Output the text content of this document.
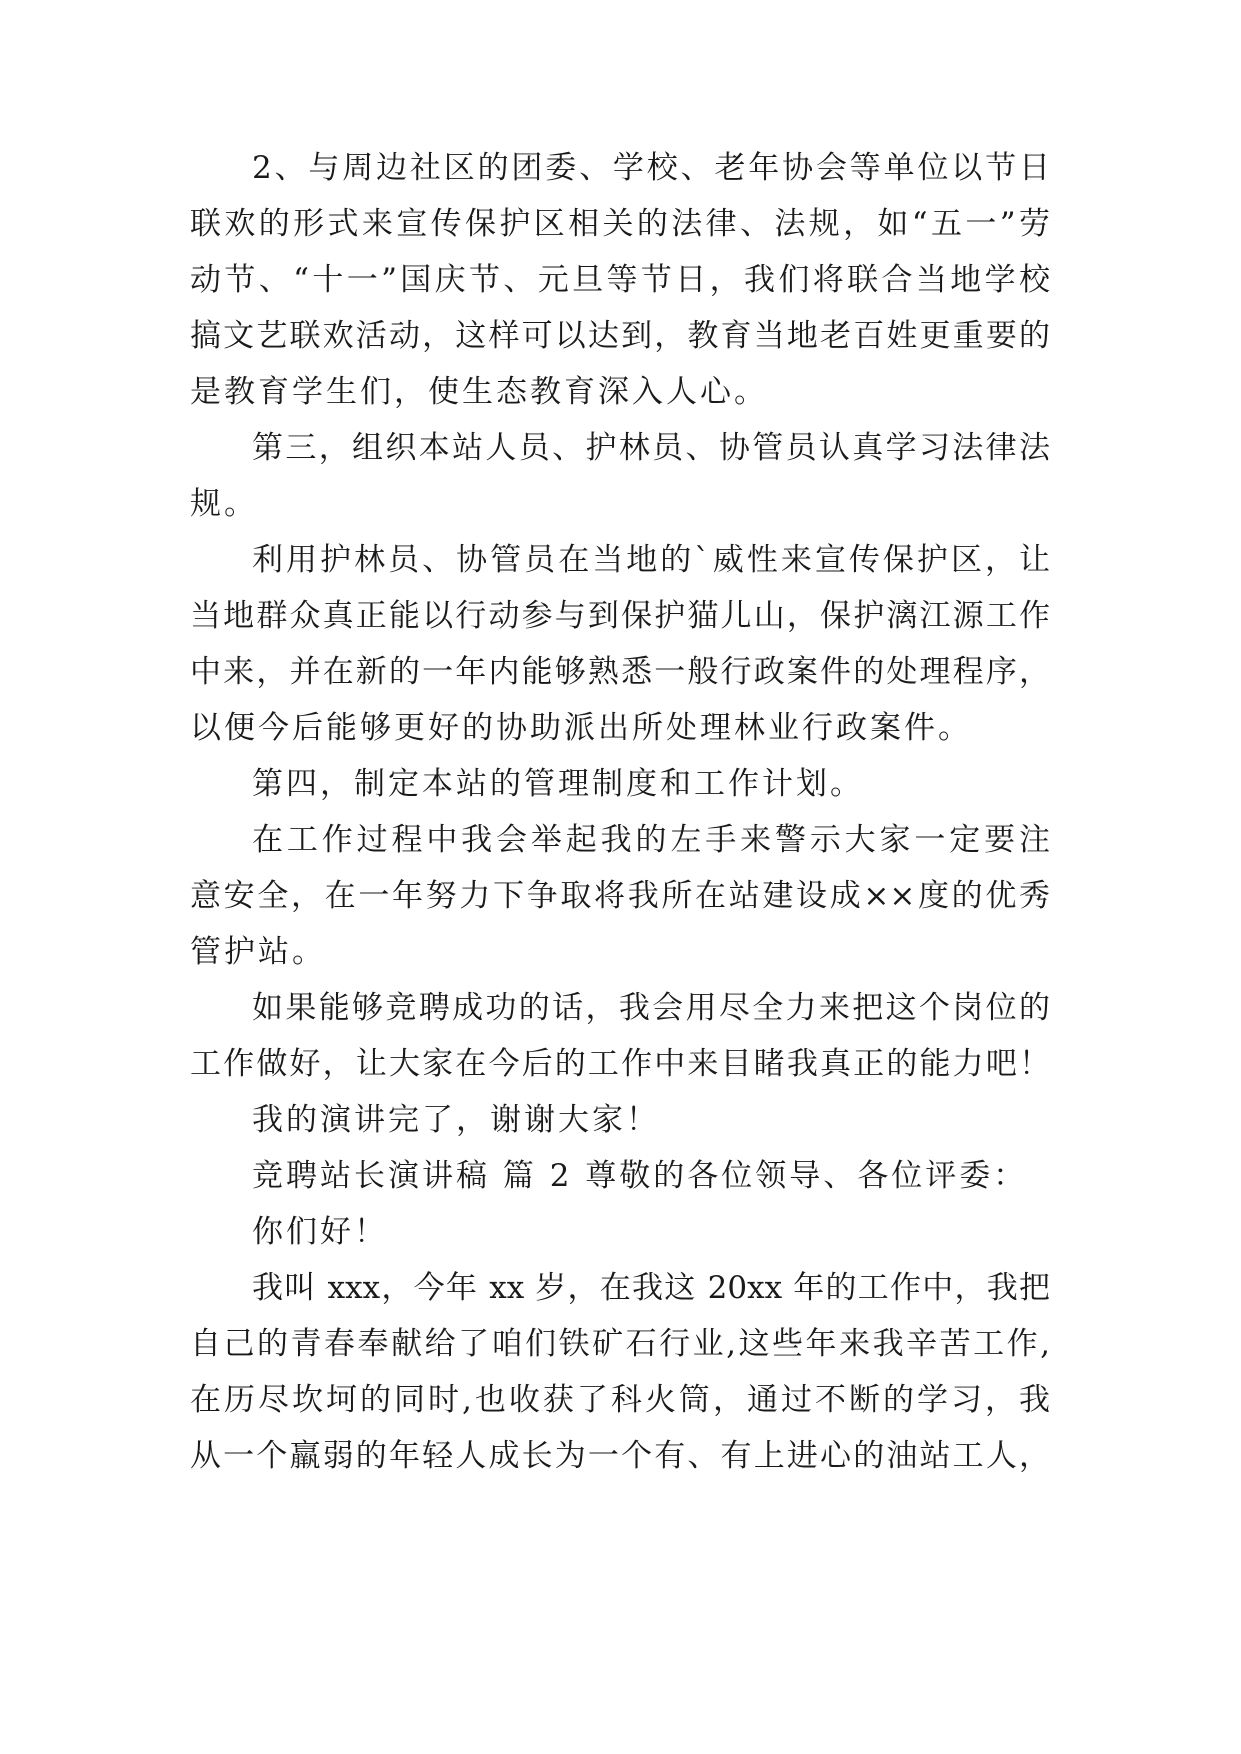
2、与周边社区的团委、学校、老年协会等单位以节日
联欢的形式来宣传保护区相关的法律、法规，如“五一”劳
动节、“十一”国庆节、元旦等节日，我们将联合当地学校
搞文艺联欢活动，这样可以达到，教育当地老百姓更重要的
是教育学生们，使生态教育深入人心。
第三，组织本站人员、护林员、协管员认真学习法律法
规。
利用护林员、协管员在当地的`威性来宣传保护区，让
当地群众真正能以行动参与到保护猫儿山，保护漓江源工作
中来，并在新的一年内能够熟悉一般行政案件的处理程序，
以便今后能够更好的协助派出所处理林业行政案件。
第四，制定本站的管理制度和工作计划。
在工作过程中我会举起我的左手来警示大家一定要注
意安全，在一年努力下争取将我所在站建设成××度的优秀
管护站。
如果能够竞聘成功的话，我会用尽全力来把这个岗位的
工作做好，让大家在今后的工作中来目睹我真正的能力吧！
我的演讲完了，谢谢大家！
竞聘站长演讲稿 篇 2 尊敬的各位领导、各位评委：
你们好！
我叫 xxx，今年 xx 岁，在我这 20xx 年的工作中，我把
自己的青春奉献给了咱们铁矿石行业,这些年来我辛苦工作,
在历尽坎坷的同时,也收获了科火筒，通过不断的学习，我
从一个羸弱的年轻人成长为一个有、有上进心的油站工人，
